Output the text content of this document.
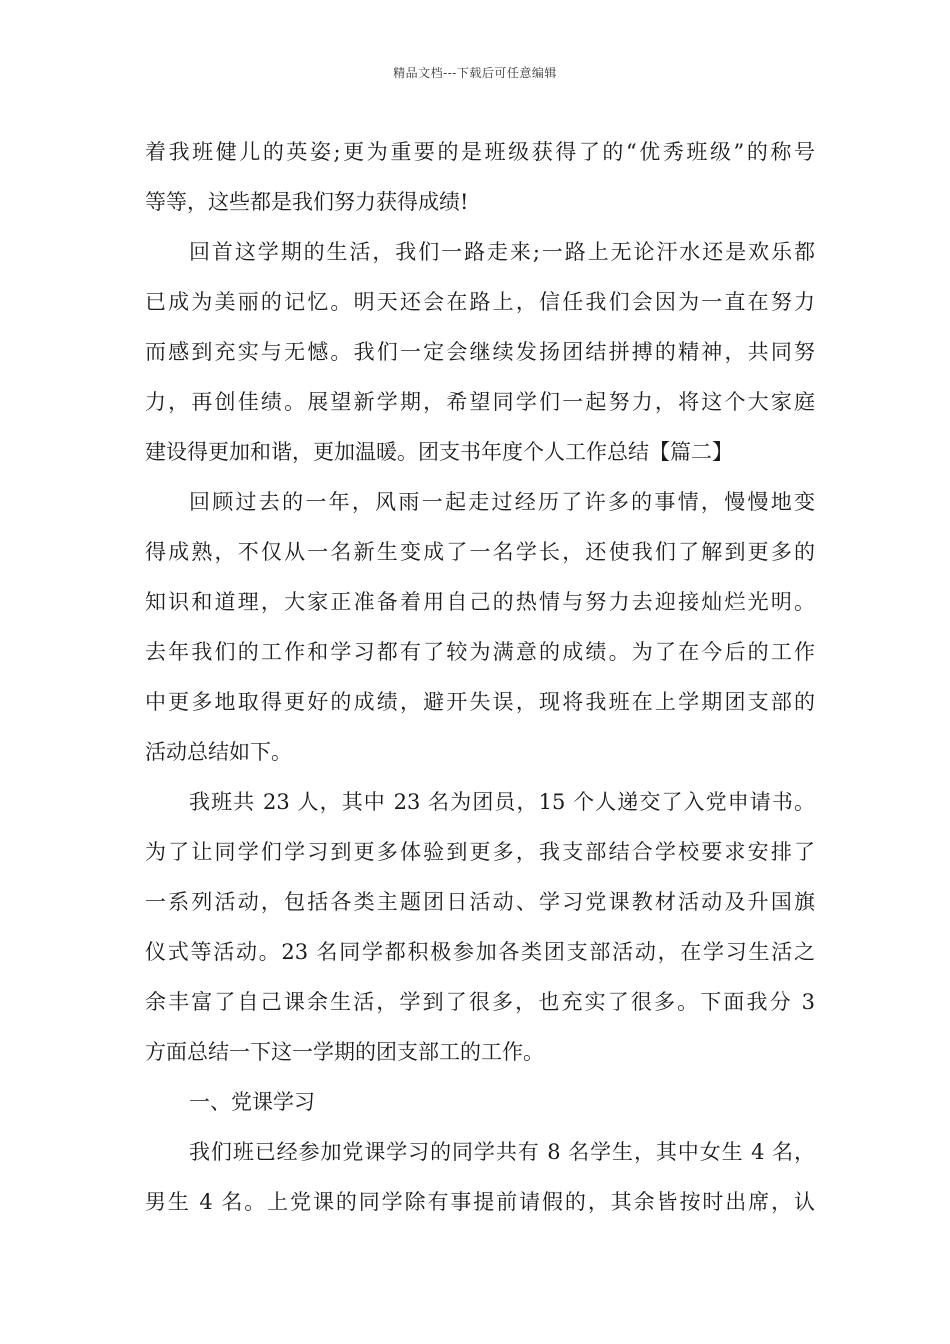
精品文档---下载后可任意编辑
着我班健儿的英姿;更为重要的是班级获得了的“优秀班级”的称号
等等，这些都是我们努力获得成绩!
回首这学期的生活，我们一路走来;一路上无论汗水还是欢乐都
已成为美丽的记忆。明天还会在路上，信任我们会因为一直在努力
而感到充实与无憾。我们一定会继续发扬团结拼搏的精神，共同努
力，再创佳绩。展望新学期，希望同学们一起努力，将这个大家庭
建设得更加和谐，更加温暖。团支书年度个人工作总结【篇二】
回顾过去的一年，风雨一起走过经历了许多的事情，慢慢地变
得成熟，不仅从一名新生变成了一名学长，还使我们了解到更多的
知识和道理，大家正准备着用自己的热情与努力去迎接灿烂光明。
去年我们的工作和学习都有了较为满意的成绩。为了在今后的工作
中更多地取得更好的成绩，避开失误，现将我班在上学期团支部的
活动总结如下。
我班共 23 人，其中 23 名为团员，15 个人递交了入党申请书。
为了让同学们学习到更多体验到更多，我支部结合学校要求安排了
一系列活动，包括各类主题团日活动、学习党课教材活动及升国旗
仪式等活动。23 名同学都积极参加各类团支部活动，在学习生活之
余丰富了自己课余生活，学到了很多，也充实了很多。下面我分 3
方面总结一下这一学期的团支部工的工作。
一、党课学习
我们班已经参加党课学习的同学共有 8 名学生，其中女生 4 名，
男生 4 名。上党课的同学除有事提前请假的，其余皆按时出席，认
